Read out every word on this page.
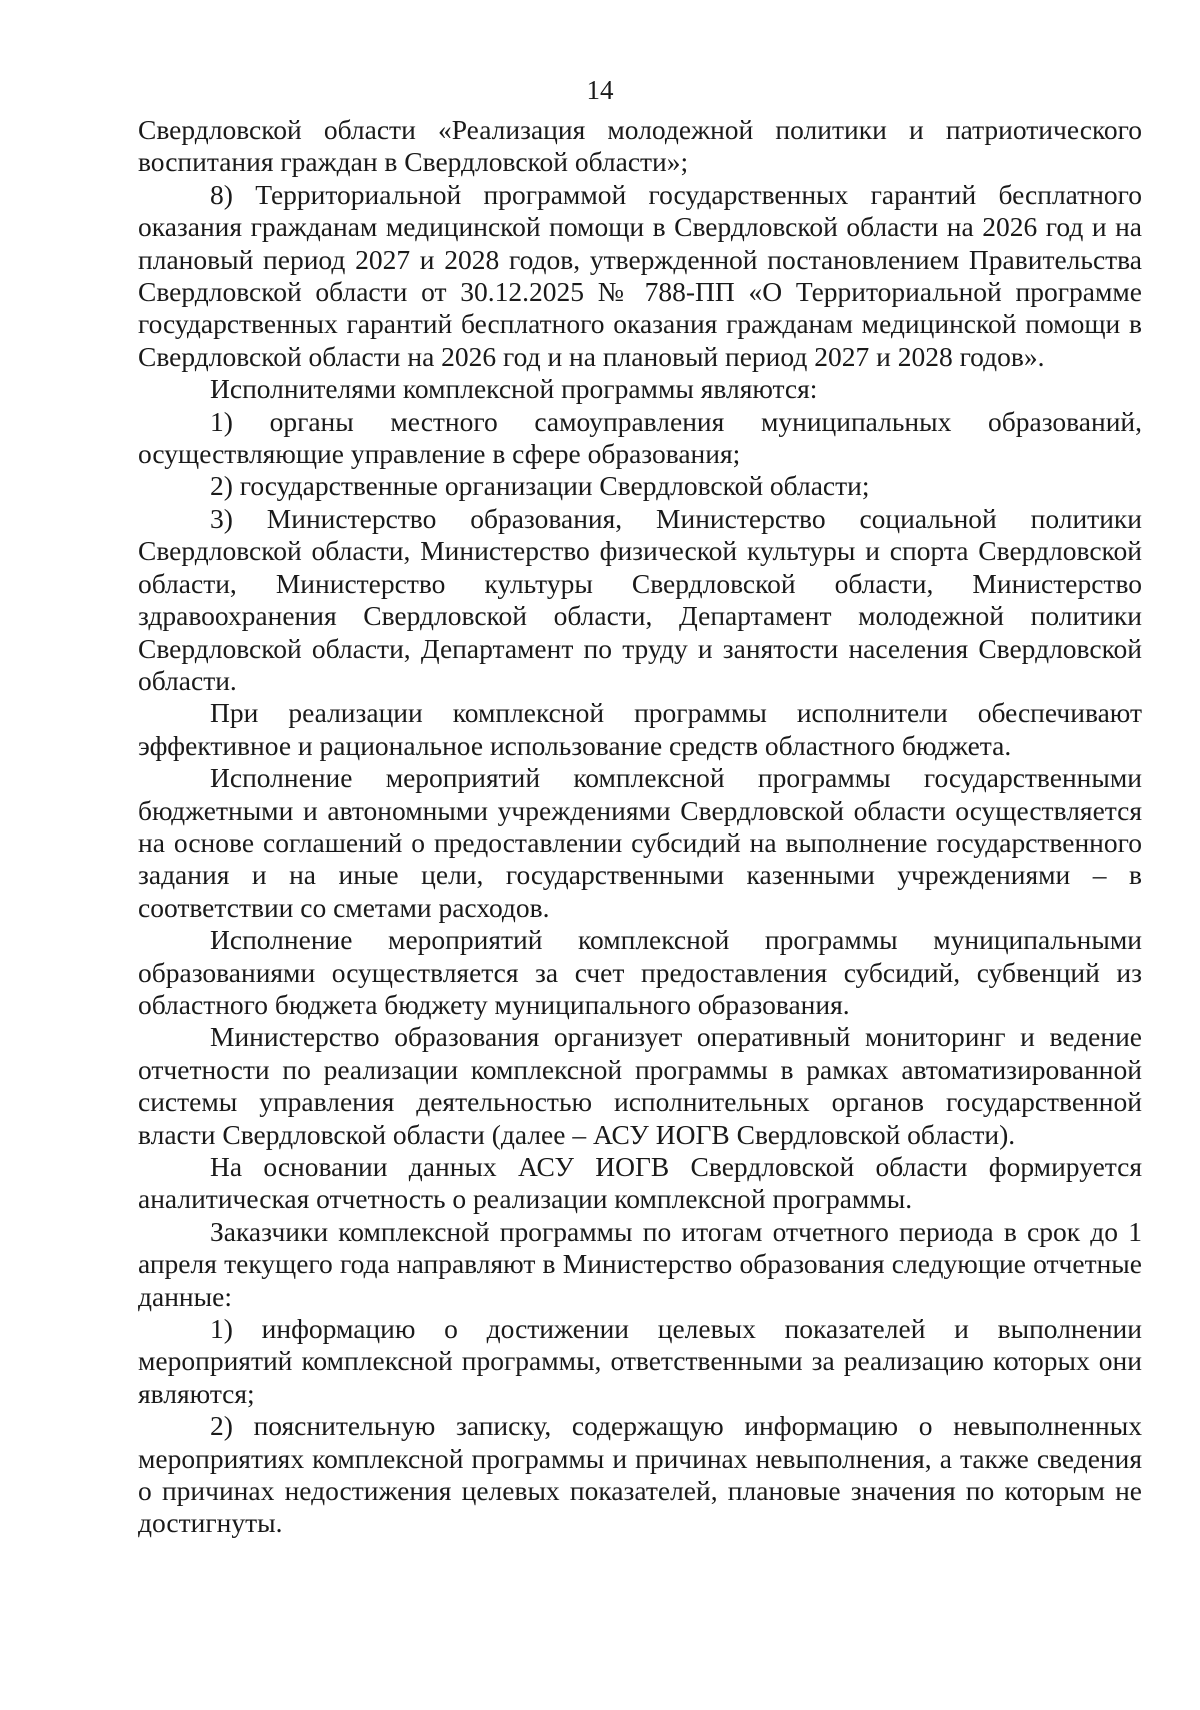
14

Свердловской области «Реализация молодежной политики и патриотического воспитания граждан в Свердловской области»;

8) Территориальной программой государственных гарантий бесплатного оказания гражданам медицинской помощи в Свердловской области на 2026 год и на плановый период 2027 и 2028 годов, утвержденной постановлением Правительства Свердловской области от 30.12.2025 № 788-ПП «О Территориальной программе государственных гарантий бесплатного оказания гражданам медицинской помощи в Свердловской области на 2026 год и на плановый период 2027 и 2028 годов».

Исполнителями комплексной программы являются:

1) органы местного самоуправления муниципальных образований, осуществляющие управление в сфере образования;

2) государственные организации Свердловской области;

3) Министерство образования, Министерство социальной политики Свердловской области, Министерство физической культуры и спорта Свердловской области, Министерство культуры Свердловской области, Министерство здравоохранения Свердловской области, Департамент молодежной политики Свердловской области, Департамент по труду и занятости населения Свердловской области.

При реализации комплексной программы исполнители обеспечивают эффективное и рациональное использование средств областного бюджета.

Исполнение мероприятий комплексной программы государственными бюджетными и автономными учреждениями Свердловской области осуществляется на основе соглашений о предоставлении субсидий на выполнение государственного задания и на иные цели, государственными казенными учреждениями – в соответствии со сметами расходов.

Исполнение мероприятий комплексной программы муниципальными образованиями осуществляется за счет предоставления субсидий, субвенций из областного бюджета бюджету муниципального образования.

Министерство образования организует оперативный мониторинг и ведение отчетности по реализации комплексной программы в рамках автоматизированной системы управления деятельностью исполнительных органов государственной власти Свердловской области (далее – АСУ ИОГВ Свердловской области).

На основании данных АСУ ИОГВ Свердловской области формируется аналитическая отчетность о реализации комплексной программы.

Заказчики комплексной программы по итогам отчетного периода в срок до 1 апреля текущего года направляют в Министерство образования следующие отчетные данные:

1) информацию о достижении целевых показателей и выполнении мероприятий комплексной программы, ответственными за реализацию которых они являются;

2) пояснительную записку, содержащую информацию о невыполненных мероприятиях комплексной программы и причинах невыполнения, а также сведения о причинах недостижения целевых показателей, плановые значения по которым не достигнуты.
